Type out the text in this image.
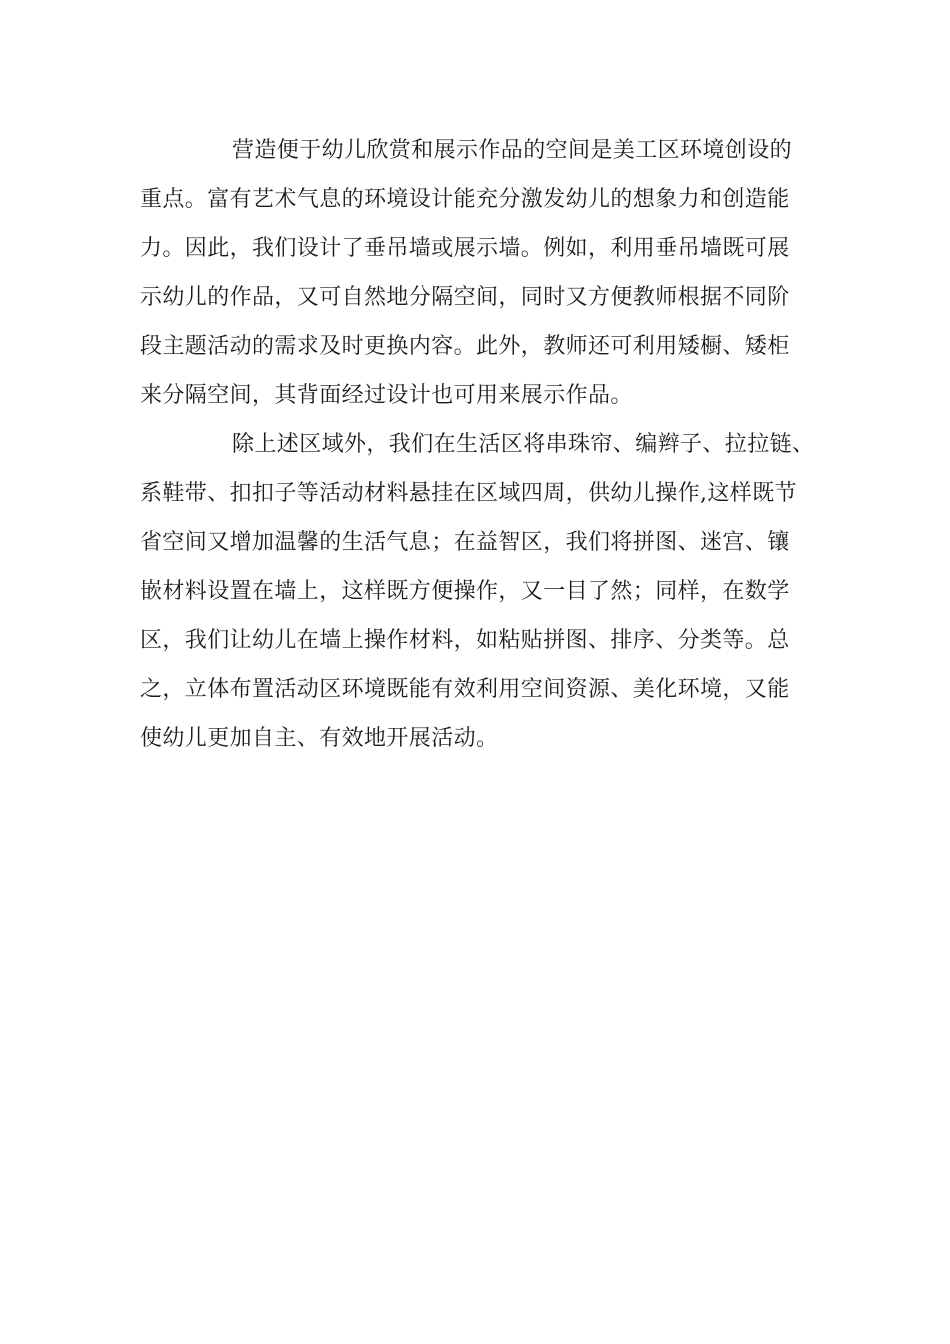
营造便于幼儿欣赏和展示作品的空间是美工区环境创设的
重点。富有艺术气息的环境设计能充分激发幼儿的想象力和创造能
力。因此，我们设计了垂吊墙或展示墙。例如，利用垂吊墙既可展
示幼儿的作品，又可自然地分隔空间，同时又方便教师根据不同阶
段主题活动的需求及时更换内容。此外，教师还可利用矮橱、矮柜
来分隔空间，其背面经过设计也可用来展示作品。
除上述区域外，我们在生活区将串珠帘、编辫子、拉拉链、
系鞋带、扣扣子等活动材料悬挂在区域四周，供幼儿操作,这样既节
省空间又增加温馨的生活气息；在益智区，我们将拼图、迷宫、镶
嵌材料设置在墙上，这样既方便操作，又一目了然；同样，在数学
区，我们让幼儿在墙上操作材料，如粘贴拼图、排序、分类等。总
之，立体布置活动区环境既能有效利用空间资源、美化环境，又能
使幼儿更加自主、有效地开展活动。
